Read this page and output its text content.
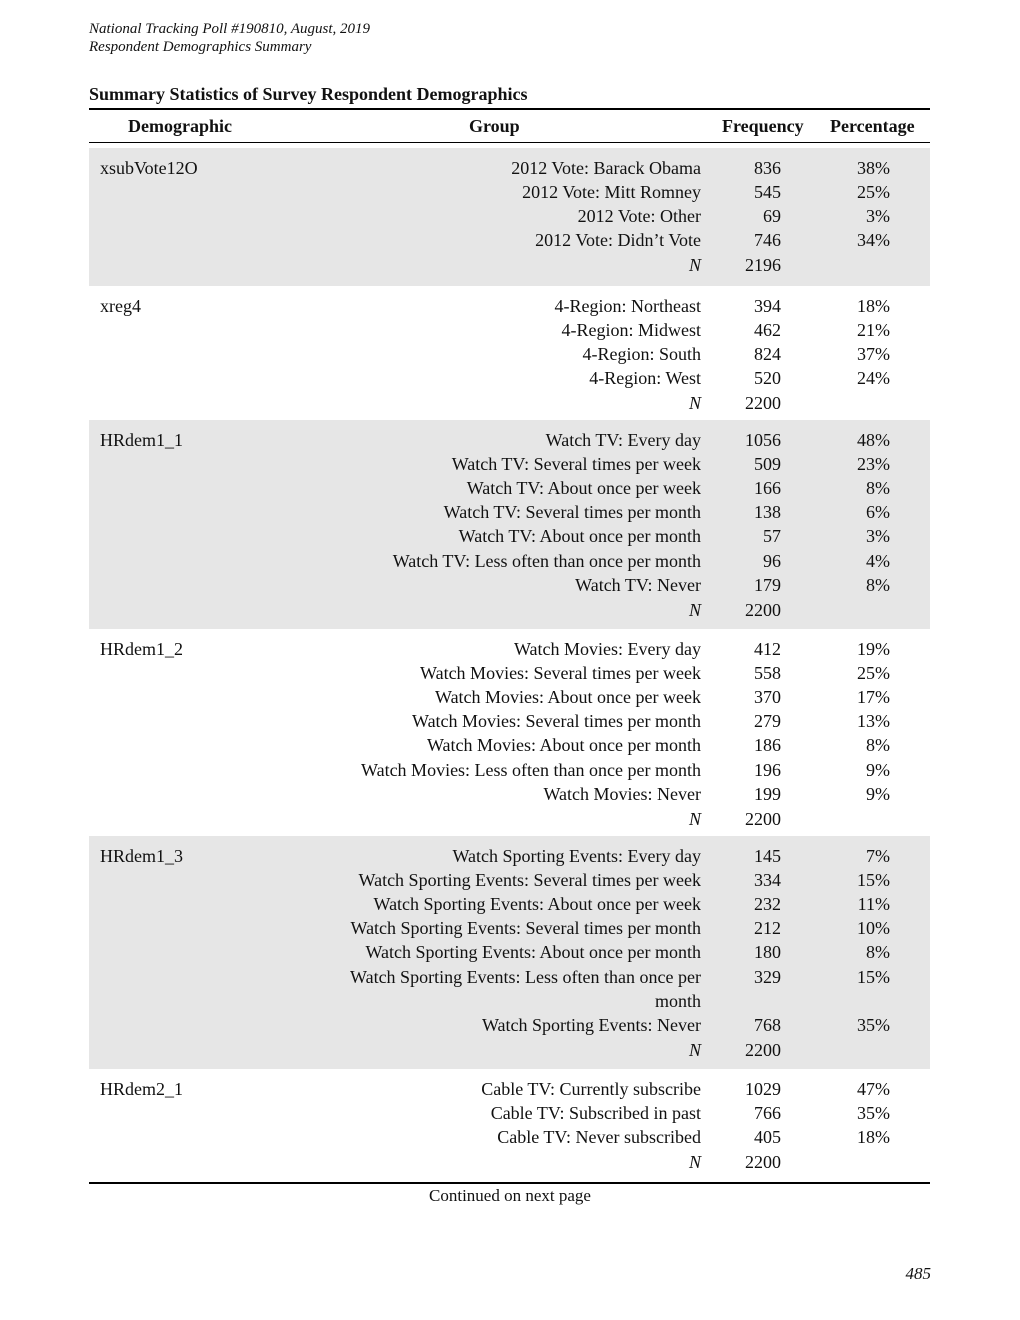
National Tracking Poll #190810, August, 2019
Respondent Demographics Summary
Summary Statistics of Survey Respondent Demographics
Demographic	Group	Frequency Percentage
xsubVote12O	2012 Vote: Barack Obama	836	38%
2012 Vote: Mitt Romney	545	25%
2012 Vote: Other	69	3%
2012 Vote: Didn’t Vote	746	34%
N 2196
xreg4	4-Region: Northeast	394	18%
4-Region: Midwest	462	21%
4-Region: South	824	37%
4-Region: West	520	24%
N 2200
HRdem1_1	Watch TV: Every day 1056	48%
Watch TV: Several times per week	509	23%
Watch TV: About once per week	166	8%
Watch TV: Several times per month	138	6%
Watch TV: About once per month	57	3%
Watch TV: Less often than once per month	96	4%
Watch TV: Never	179	8%
N 2200
HRdem1_2	Watch Movies: Every day	412	19%
Watch Movies: Several times per week	558	25%
Watch Movies: About once per week	370	17%
Watch Movies: Several times per month	279	13%
Watch Movies: About once per month	186	8%
Watch Movies: Less often than once per month	196	9%
Watch Movies: Never	199	9%
N 2200
HRdem1_3	Watch Sporting Events: Every day	145	7%
Watch Sporting Events: Several times per week	334	15%
Watch Sporting Events: About once per week	232	11%
Watch Sporting Events: Several times per month	212	10%
Watch Sporting Events: About once per month	180	8%
Watch Sporting Events: Less often than once per	329	15%
month
Watch Sporting Events: Never	768	35%
N 2200
HRdem2_1	Cable TV: Currently subscribe 1029	47%
Cable TV: Subscribed in past	766	35%
Cable TV: Never subscribed	405	18%
N 2200
Continued on next page
485
